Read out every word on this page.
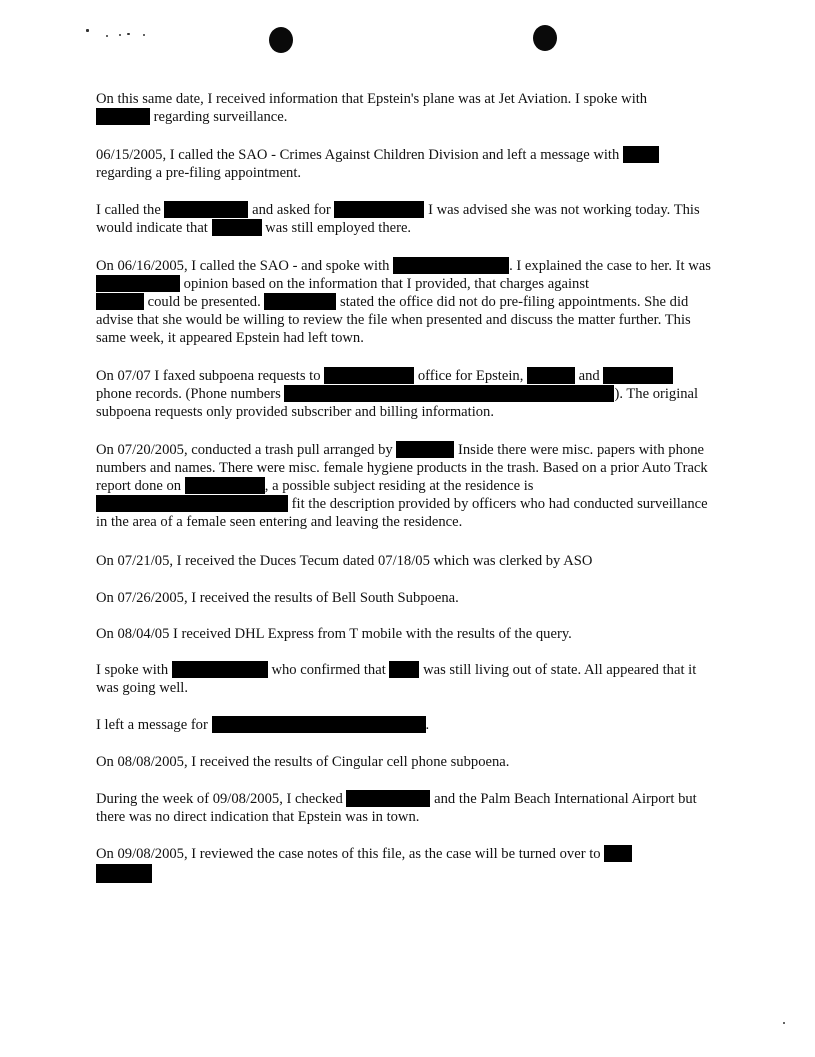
On this same date, I received information that Epstein's plane was at Jet Aviation. I spoke with
regarding surveillance.

06/15/2005, I called the SAO - Crimes Against Children Division and left a message with
regarding a pre-filing appointment.

I called the	and asked for	I was advised she was not working today. This would indicate that	was still employed there.

On 06/16/2005, I called the SAO - and spoke with	. I explained the case to her. It was  opinion based on the information that I provided, that charges against
could be presented.	stated the office did not do pre-filing appointments. She did advise that she would be willing to review the file when presented and discuss the matter further. This same week, it appeared Epstein had left town.

On 07/07 I faxed subpoena requests to	office for Epstein,	and
phone records. (Phone numbers	). The original subpoena requests only provided subscriber and billing information.

On 07/20/2005, conducted a trash pull arranged by	Inside there were misc. papers with phone numbers and names. There were misc. female hygiene products in the trash. Based on a prior Auto Track report done on	, a possible subject residing at the residence is
fit the description provided by officers who had conducted surveillance in the area of a female seen entering and leaving the residence.

On 07/21/05, I received the Duces Tecum dated 07/18/05 which was clerked by ASO

On 07/26/2005, I received the results of Bell South Subpoena.

On 08/04/05 I received DHL Express from T mobile with the results of the query.

I spoke with	who confirmed that	was still living out of state. All appeared that it was going well.

I left a message for	.

On 08/08/2005, I received the results of Cingular cell phone subpoena.

During the week of 09/08/2005, I checked	and the Palm Beach International Airport but there was no direct indication that Epstein was in town.

On 09/08/2005, I reviewed the case notes of this file, as the case will be turned over to
